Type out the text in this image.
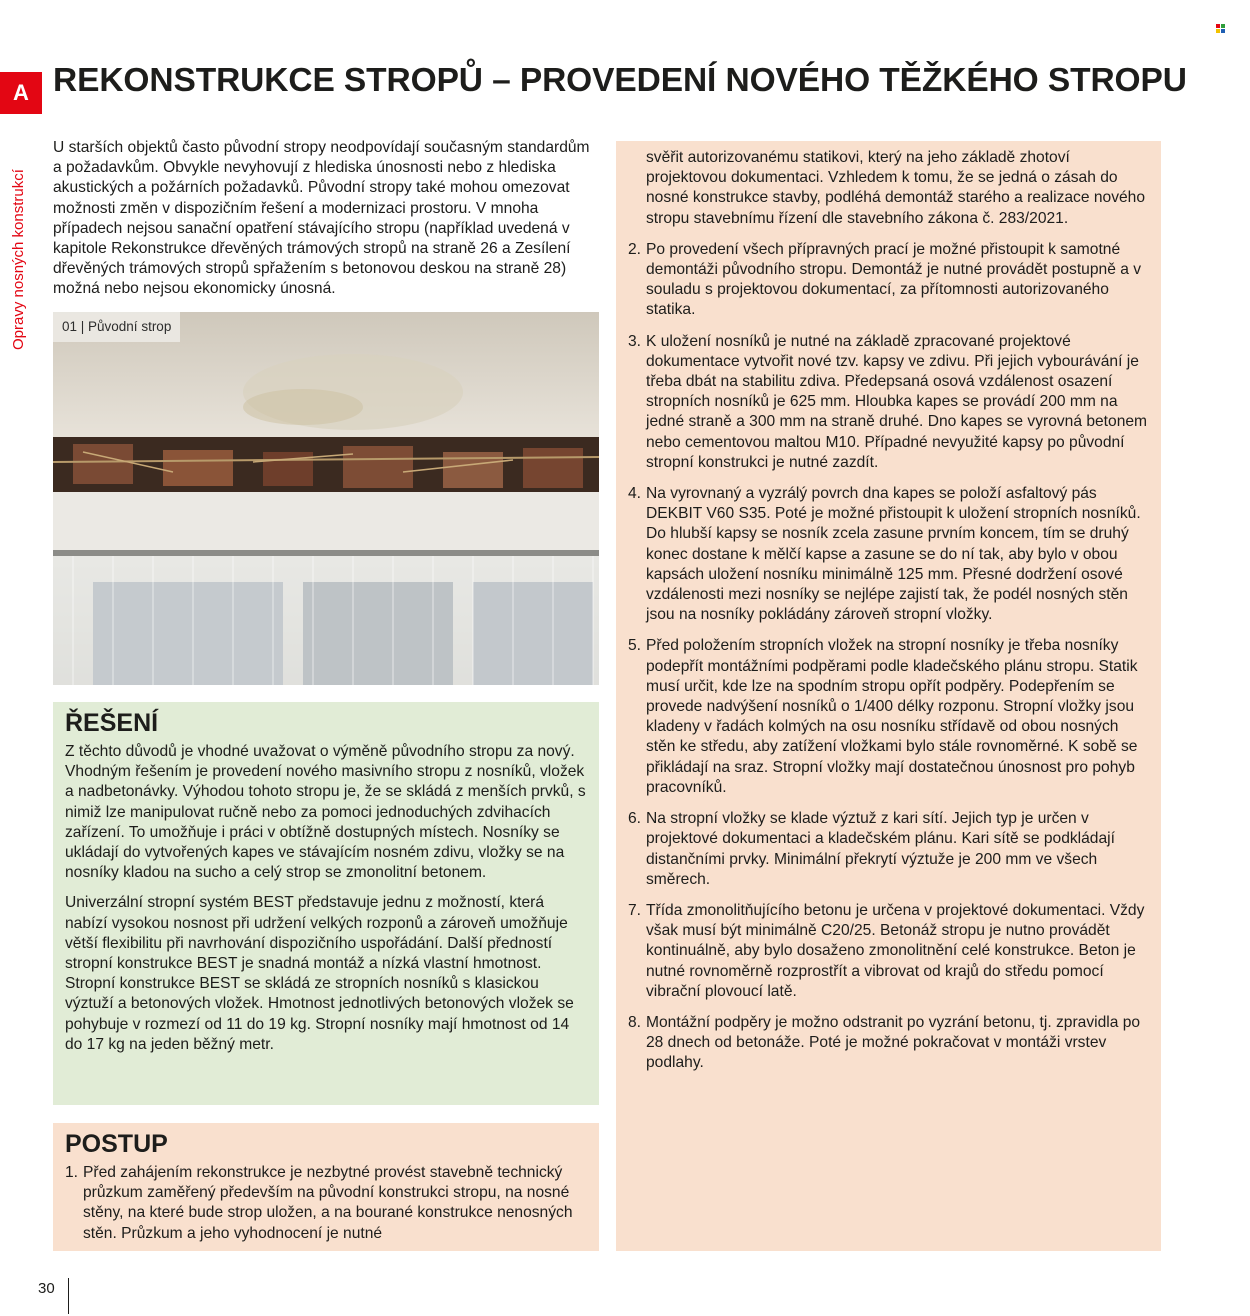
A
Opravy nosných konstrukcí
REKONSTRUKCE STROPŮ – PROVEDENÍ NOVÉHO TĚŽKÉHO STROPU

U starších objektů často původní stropy neodpovídají současným standardům a požadavkům. Obvykle nevyhovují z hlediska únosnosti nebo z hlediska akustických a požárních požadavků. Původní stropy také mohou omezovat možnosti změn v dispozičním řešení a modernizaci prostoru. V mnoha případech nejsou sanační opatření stávajícího stropu (například uvedená v kapitole Rekonstrukce dřevěných trámových stropů na straně 26 a Zesílení dřevěných trámových stropů spřažením s betonovou deskou na straně 28) možná nebo nejsou ekonomicky únosná.

01 | Původní strop
ŘEŠENÍ

Z těchto důvodů je vhodné uvažovat o výměně původního stropu za nový. Vhodným řešením je provedení nového masivního stropu z nosníků, vložek a nadbetonávky. Výhodou tohoto stropu je, že se skládá z menších prvků, s nimiž lze manipulovat ručně nebo za pomoci jednoduchých zdvihacích zařízení. To umožňuje i práci v obtížně dostupných místech. Nosníky se ukládají do vytvořených kapes ve stávajícím nosném zdivu, vložky se na nosníky kladou na sucho a celý strop se zmonolitní betonem.

Univerzální stropní systém BEST představuje jednu z možností, která nabízí vysokou nosnost při udržení velkých rozponů a zároveň umožňuje větší flexibilitu při navrhování dispozičního uspořádání. Další předností stropní konstrukce BEST je snadná montáž a nízká vlastní hmotnost. Stropní konstrukce BEST se skládá ze stropních nosníků s klasickou výztuží a betonových vložek. Hmotnost jednotlivých betonových vložek se pohybuje v rozmezí od 11 do 19 kg. Stropní nosníky mají hmotnost od 14 do 17 kg na jeden běžný metr.

POSTUP
1. Před zahájením rekonstrukce je nezbytné provést stavebně technický průzkum zaměřený především na původní konstrukci stropu, na nosné stěny, na které bude strop uložen, a na bourané konstrukce nenosných stěn. Průzkum a jeho vyhodnocení je nutné
svěřit autorizovanému statikovi, který na jeho základě zhotoví projektovou dokumentaci. Vzhledem k tomu, že se jedná o zásah do nosné konstrukce stavby, podléhá demontáž starého a realizace nového stropu stavebnímu řízení dle stavebního zákona č. 283/2021.
2. Po provedení všech přípravných prací je možné přistoupit k samotné demontáži původního stropu. Demontáž je nutné provádět postupně a v souladu s projektovou dokumentací, za přítomnosti autorizovaného statika.
3. K uložení nosníků je nutné na základě zpracované projektové dokumentace vytvořit nové tzv. kapsy ve zdivu. Při jejich vybourávání je třeba dbát na stabilitu zdiva. Předepsaná osová vzdálenost osazení stropních nosníků je 625 mm. Hloubka kapes se provádí 200 mm na jedné straně a 300 mm na straně druhé. Dno kapes se vyrovná betonem nebo cementovou maltou M10. Případné nevyužité kapsy po původní stropní konstrukci je nutné zazdít.
4. Na vyrovnaný a vyzrálý povrch dna kapes se položí asfaltový pás DEKBIT V60 S35. Poté je možné přistoupit k uložení stropních nosníků. Do hlubší kapsy se nosník zcela zasune prvním koncem, tím se druhý konec dostane k mělčí kapse a zasune se do ní tak, aby bylo v obou kapsách uložení nosníku minimálně 125 mm. Přesné dodržení osové vzdálenosti mezi nosníky se nejlépe zajistí tak, že podél nosných stěn jsou na nosníky pokládány zároveň stropní vložky.
5. Před položením stropních vložek na stropní nosníky je třeba nosníky podepřít montážními podpěrami podle kladečského plánu stropu. Statik musí určit, kde lze na spodním stropu opřít podpěry. Podepřením se provede nadvýšení nosníků o 1/400 délky rozponu. Stropní vložky jsou kladeny v řadách kolmých na osu nosníku střídavě od obou nosných stěn ke středu, aby zatížení vložkami bylo stále rovnoměrné. K sobě se přikládají na sraz. Stropní vložky mají dostatečnou únosnost pro pohyb pracovníků.
6. Na stropní vložky se klade výztuž z kari sítí. Jejich typ je určen v projektové dokumentaci a kladečském plánu. Kari sítě se podkládají distančními prvky. Minimální překrytí výztuže je 200 mm ve všech směrech.
7. Třída zmonolitňujícího betonu je určena v projektové dokumentaci. Vždy však musí být minimálně C20/25. Betonáž stropu je nutno provádět kontinuálně, aby bylo dosaženo zmonolitnění celé konstrukce. Beton je nutné rovnoměrně rozprostřít a vibrovat od krajů do středu pomocí vibrační plovoucí latě.
8. Montážní podpěry je možno odstranit po vyzrání betonu, tj. zpravidla po 28 dnech od betonáže. Poté je možné pokračovat v montáži vrstev podlahy.
30
